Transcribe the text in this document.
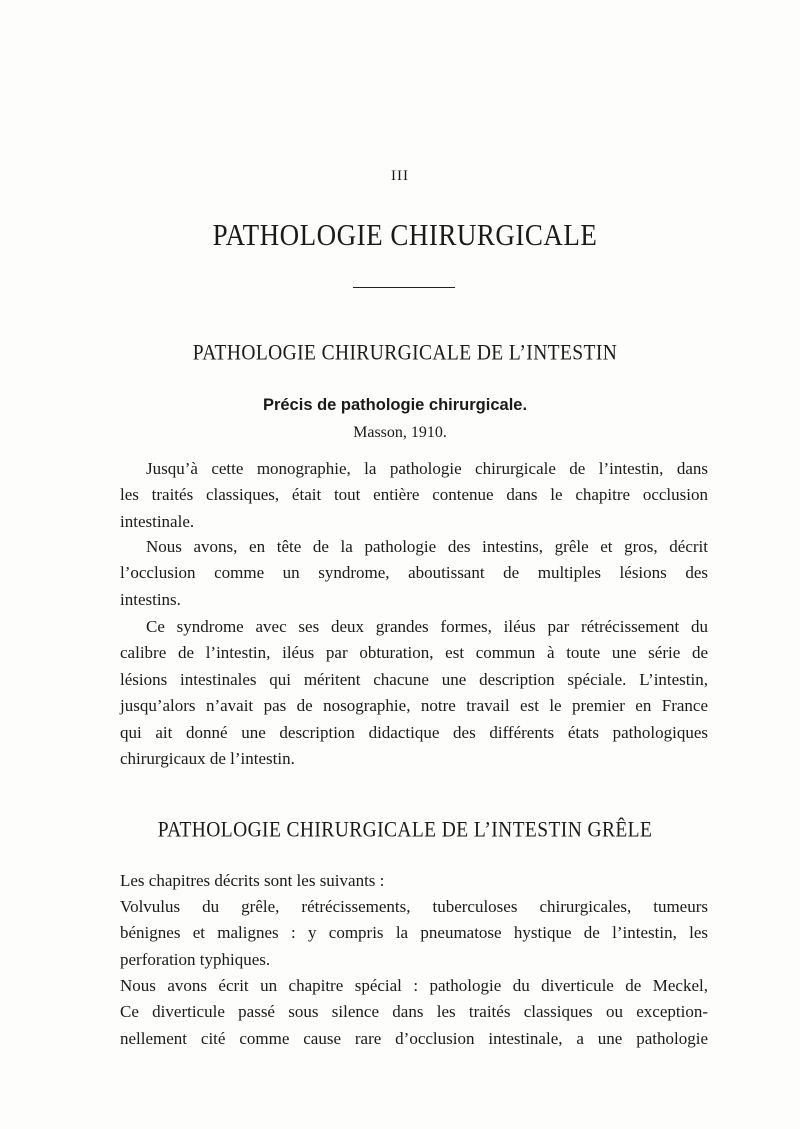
III
PATHOLOGIE CHIRURGICALE
PATHOLOGIE CHIRURGICALE DE L’INTESTIN
Précis de pathologie chirurgicale.
Masson, 1910.
Jusqu’à cette monographie, la pathologie chirurgicale de l’intestin, dans
les traités classiques, était tout entière contenue dans le chapitre occlusion
intestinale.
Nous avons, en tête de la pathologie des intestins, grêle et gros, décrit
l’occlusion comme un syndrome, aboutissant de multiples lésions des
intestins.
Ce syndrome avec ses deux grandes formes, iléus par rétrécissement du
calibre de l’intestin, iléus par obturation, est commun à toute une série de
lésions intestinales qui méritent chacune une description spéciale. L’intestin,
jusqu’alors n’avait pas de nosographie, notre travail est le premier en France
qui ait donné une description didactique des différents états pathologiques
chirurgicaux de l’intestin.
PATHOLOGIE CHIRURGICALE DE L’INTESTIN GRÊLE
Les chapitres décrits sont les suivants :
Volvulus du grêle, rétrécissements, tuberculoses chirurgicales, tumeurs
bénignes et malignes : y compris la pneumatose hystique de l’intestin, les
perforation typhiques.
Nous avons écrit un chapitre spécial : pathologie du diverticule de Meckel,
Ce diverticule passé sous silence dans les traités classiques ou exception-
nellement cité comme cause rare d’occlusion intestinale, a une pathologie
